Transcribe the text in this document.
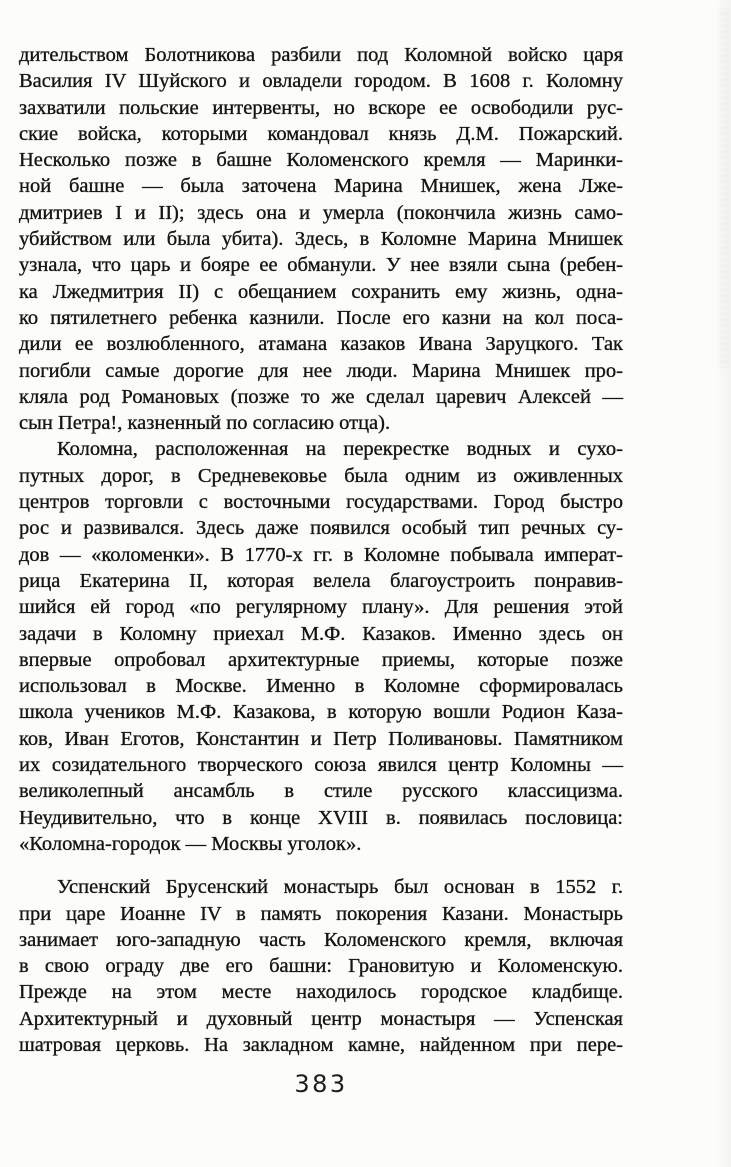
дительством Болотникова разбили под Коломной войско царя
Василия IV Шуйского и овладели городом. В 1608 г. Коломну
захватили польские интервенты, но вскоре ее освободили рус-
ские войска, которыми командовал князь Д.М. Пожарский.
Несколько позже в башне Коломенского кремля — Маринки-
ной башне — была заточена Марина Мнишек, жена Лже-
дмитриев I и II); здесь она и умерла (покончила жизнь само-
убийством или была убита). Здесь, в Коломне Марина Мнишек
узнала, что царь и бояре ее обманули. У нее взяли сына (ребен-
ка Лжедмитрия II) с обещанием сохранить ему жизнь, одна-
ко пятилетнего ребенка казнили. После его казни на кол поса-
дили ее возлюбленного, атамана казаков Ивана Заруцкого. Так
погибли самые дорогие для нее люди. Марина Мнишек про-
кляла род Романовых (позже то же сделал царевич Алексей —
сын Петра!, казненный по согласию отца).
Коломна, расположенная на перекрестке водных и сухо-
путных дорог, в Средневековье была одним из оживленных
центров торговли с восточными государствами. Город быстро
рос и развивался. Здесь даже появился особый тип речных су-
дов — «коломенки». В 1770-х гг. в Коломне побывала императ-
рица Екатерина II, которая велела благоустроить понравив-
шийся ей город «по регулярному плану». Для решения этой
задачи в Коломну приехал М.Ф. Казаков. Именно здесь он
впервые опробовал архитектурные приемы, которые позже
использовал в Москве. Именно в Коломне сформировалась
школа учеников М.Ф. Казакова, в которую вошли Родион Каза-
ков, Иван Еготов, Константин и Петр Поливановы. Памятником
их созидательного творческого союза явился центр Коломны —
великолепный ансамбль в стиле русского классицизма.
Неудивительно, что в конце XVIII в. появилась пословица:
«Коломна-городок — Москвы уголок».
Успенский Брусенский монастырь был основан в 1552 г.
при царе Иоанне IV в память покорения Казани. Монастырь
занимает юго-западную часть Коломенского кремля, включая
в свою ограду две его башни: Грановитую и Коломенскую.
Прежде на этом месте находилось городское кладбище.
Архитектурный и духовный центр монастыря — Успенская
шатровая церковь. На закладном камне, найденном при пере-
383
